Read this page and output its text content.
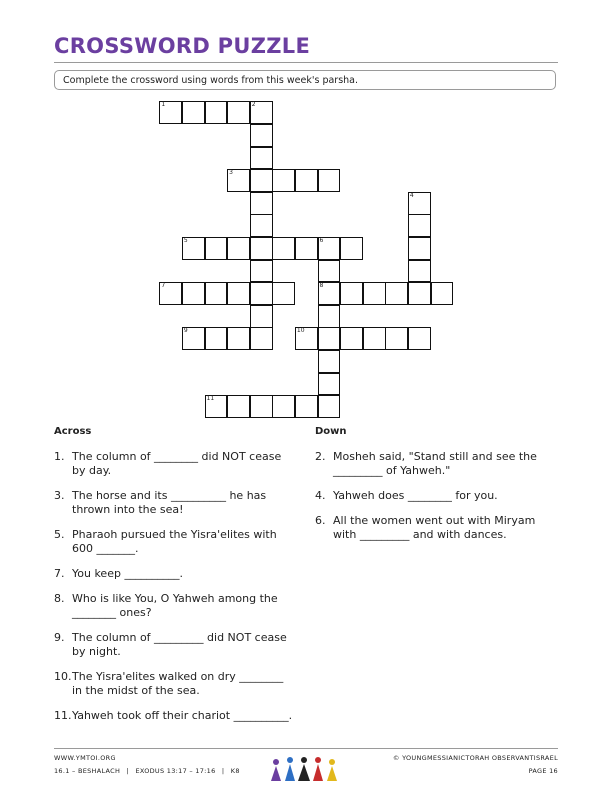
CROSSWORD PUZZLE
Complete the crossword using words from this week's parsha.
1	2
3
4
5	6
7	8
9	10
11
Across
1. The column of ________ did NOT cease by day.
3. The horse and its __________ he has thrown into the sea!
5. Pharaoh pursued the Yisra'elites with 600 _______.
7. You keep __________.
8. Who is like You, O Yahweh among the ________ ones?
9. The column of _________ did NOT cease by night.
10. The Yisra'elites walked on dry ________ in the midst of the sea.
11. Yahweh took off their chariot __________.
Down
2. Mosheh said, "Stand still and see the _________ of Yahweh."
4. Yahweh does ________ for you.
6. All the women went out with Miryam with _________ and with dances.
WWW.YMTOI.ORG
16.1 – BESHALACH | EXODUS 13:17 – 17:16 | K8
© YOUNGMESSIANICTORAH OBSERVANTISRAEL
PAGE 16
